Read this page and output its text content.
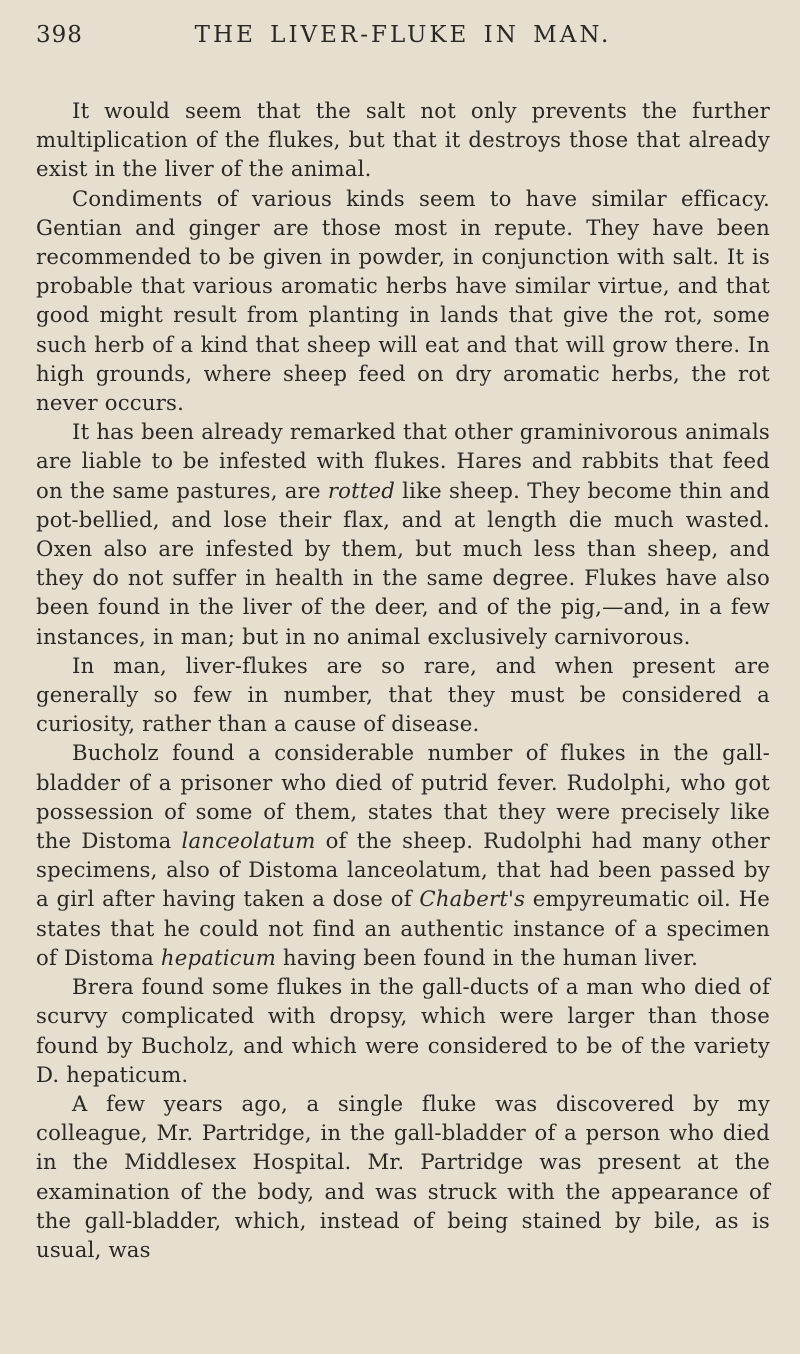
398	THE LIVER-FLUKE IN MAN.

It would seem that the salt not only prevents the further multiplication of the flukes, but that it destroys those that already exist in the liver of the animal.

Condiments of various kinds seem to have similar efficacy. Gentian and ginger are those most in repute. They have been recommended to be given in powder, in conjunction with salt. It is probable that various aromatic herbs have similar virtue, and that good might result from planting in lands that give the rot, some such herb of a kind that sheep will eat and that will grow there. In high grounds, where sheep feed on dry aromatic herbs, the rot never occurs.

It has been already remarked that other graminivorous animals are liable to be infested with flukes. Hares and rabbits that feed on the same pastures, are rotted like sheep. They become thin and pot-bellied, and lose their flax, and at length die much wasted. Oxen also are infested by them, but much less than sheep, and they do not suffer in health in the same degree. Flukes have also been found in the liver of the deer, and of the pig,—and, in a few instances, in man; but in no animal exclusively carnivorous.

In man, liver-flukes are so rare, and when present are generally so few in number, that they must be considered a curiosity, rather than a cause of disease.

Bucholz found a considerable number of flukes in the gall-bladder of a prisoner who died of putrid fever. Rudolphi, who got possession of some of them, states that they were precisely like the Distoma lanceolatum of the sheep. Rudolphi had many other specimens, also of Distoma lanceolatum, that had been passed by a girl after having taken a dose of Chabert's empyreumatic oil. He states that he could not find an authentic instance of a specimen of Distoma hepaticum having been found in the human liver.

Brera found some flukes in the gall-ducts of a man who died of scurvy complicated with dropsy, which were larger than those found by Bucholz, and which were considered to be of the variety D. hepaticum.

A few years ago, a single fluke was discovered by my colleague, Mr. Partridge, in the gall-bladder of a person who died in the Middlesex Hospital. Mr. Partridge was present at the examination of the body, and was struck with the appearance of the gall-bladder, which, instead of being stained by bile, as is usual, was
